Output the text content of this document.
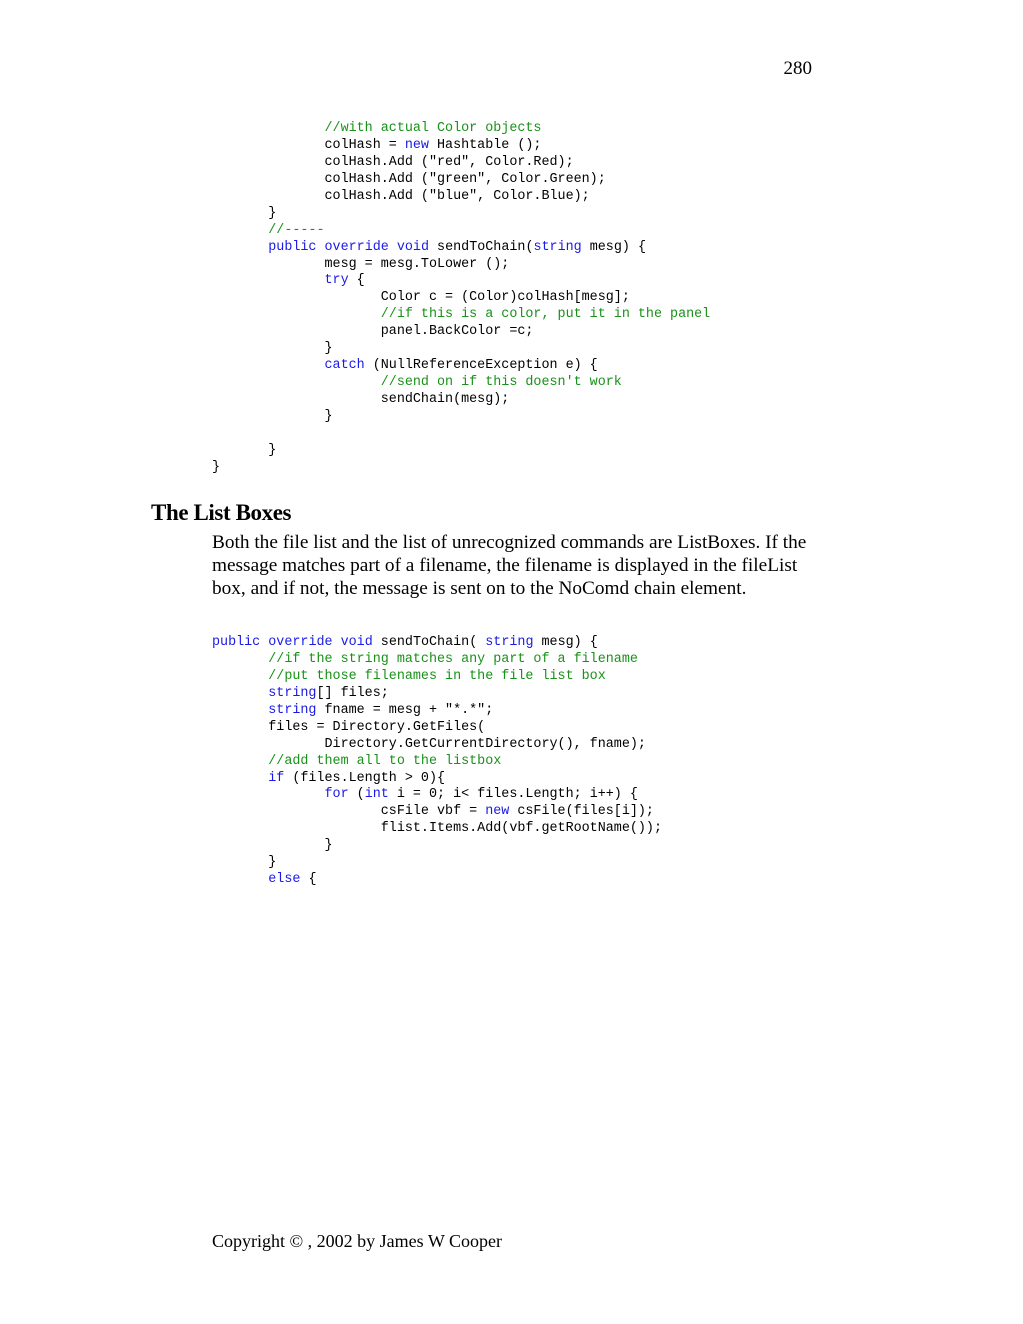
280
//with actual Color objects
colHash = new Hashtable ();
colHash.Add ("red", Color.Red);
colHash.Add ("green", Color.Green);
colHash.Add ("blue", Color.Blue);
}
//-----
public override void sendToChain(string mesg) {
mesg = mesg.ToLower ();
try {
Color c = (Color)colHash[mesg];
//if this is a color, put it in the panel
panel.BackColor =c;
}
catch (NullReferenceException e) {
//send on if this doesn't work
sendChain(mesg);
}
}
}
The List Boxes

Both the file list and the list of unrecognized commands are ListBoxes. If the message matches part of a filename, the filename is displayed in the fileList box, and if not, the message is sent on to the NoComd chain element.

public override void sendToChain( string mesg) {
//if the string matches any part of a filename
//put those filenames in the file list box
string[] files;
string fname = mesg + "*.*";
files = Directory.GetFiles(
Directory.GetCurrentDirectory(), fname);
//add them all to the listbox
if (files.Length > 0){
for (int i = 0; i< files.Length; i++) {
csFile vbf = new csFile(files[i]);
flist.Items.Add(vbf.getRootName());
}
}
else {

Copyright © , 2002 by James W Cooper
